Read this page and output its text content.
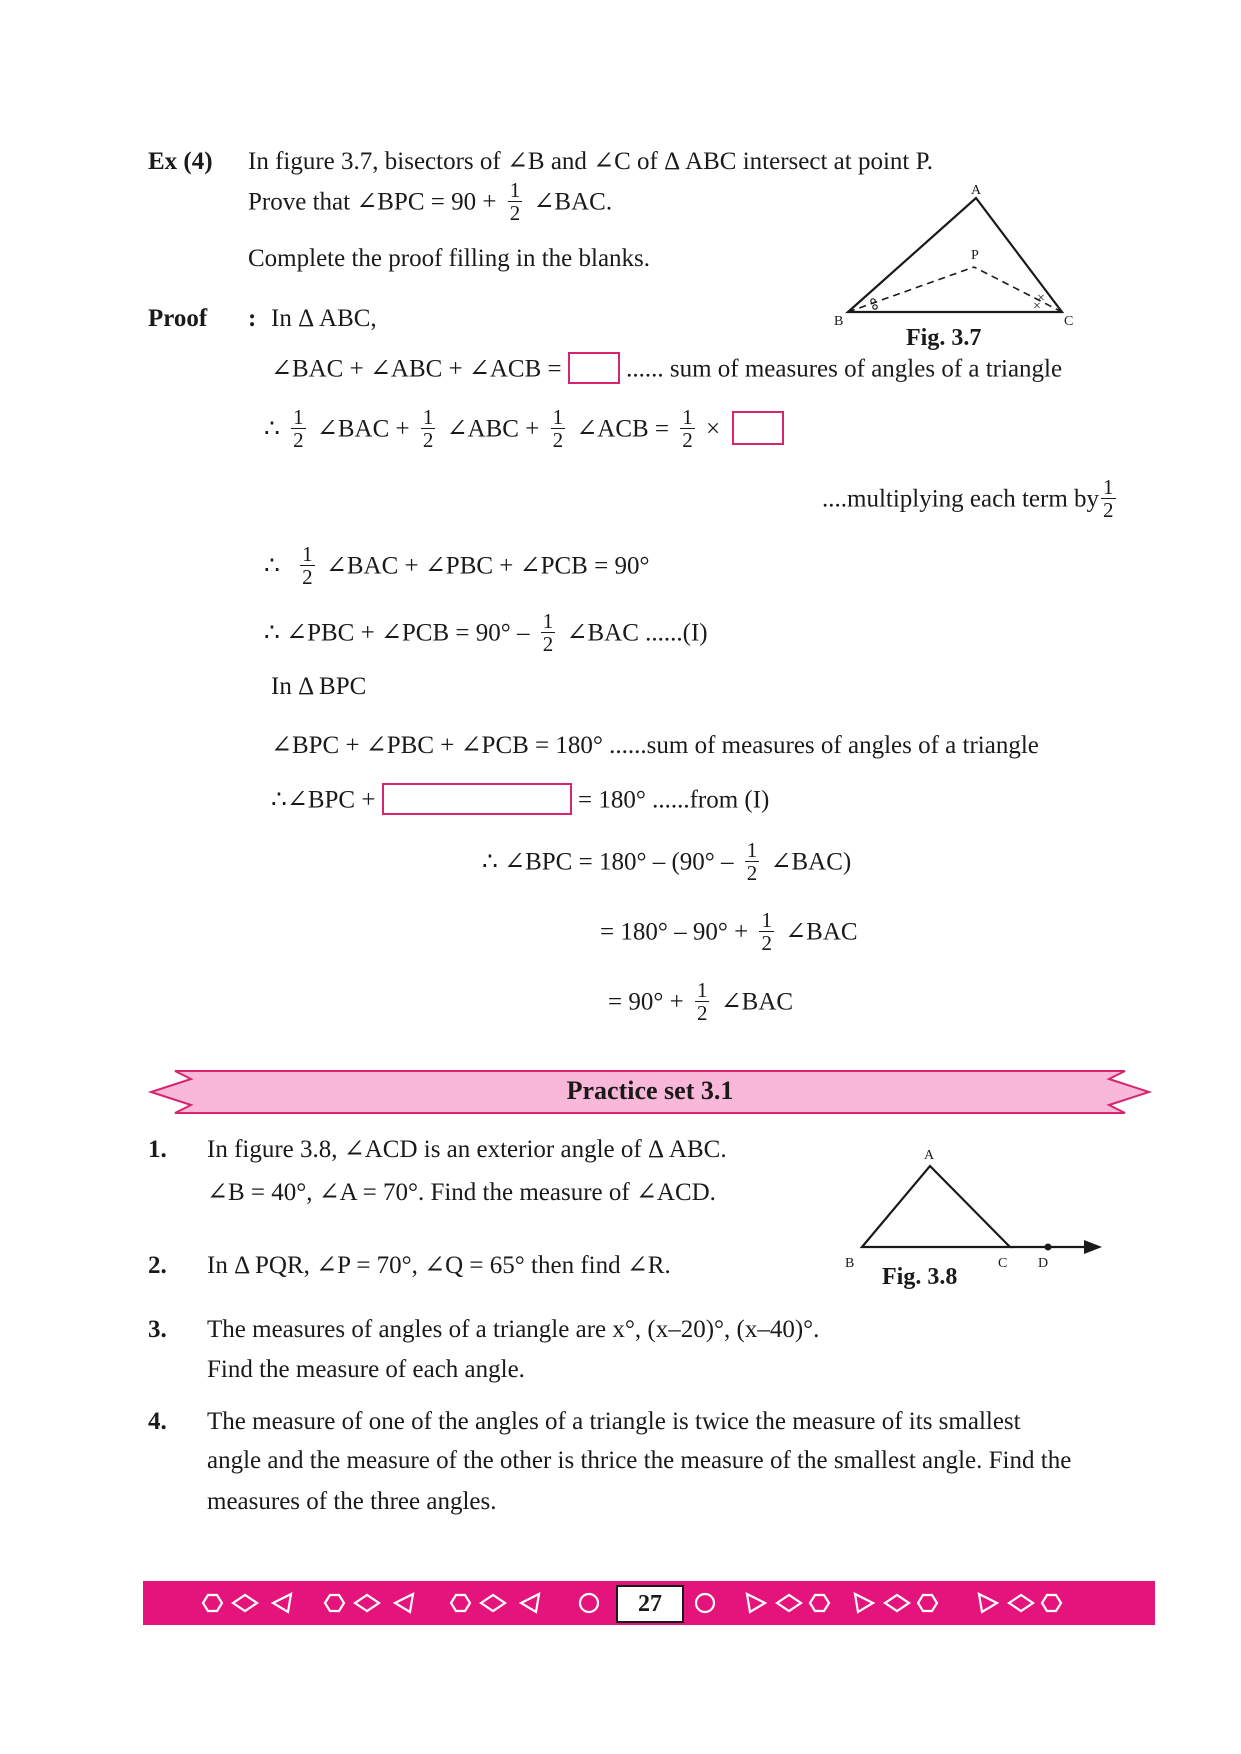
Ex (4) In figure 3.7, bisectors of ∠B and ∠C of Δ ABC intersect at point P.
Prove that ∠BPC = $90 + \frac{1}{2}$ ∠BAC.
Complete the proof filling in the blanks.
×
×
A
B	C
P
Fig. 3.7
Proof : In Δ ABC,
∠BAC + ∠ABC + ∠ACB =	...... sum of measures of angles of a triangle
∴ $\frac{1}{2}$ ∠BAC + $\frac{1}{2}$ ∠ABC + $\frac{1}{2}$ ∠ACB = $\frac{1}{2}$ ×
....multiplying each term by $\frac{1}{2}$
∴ $\frac{1}{2}$ ∠BAC + ∠PBC + ∠PCB = 90°
∴ ∠PBC + ∠PCB = $90^\circ - \frac{1}{2}$ ∠BAC ......(I)
In Δ BPC
∠BPC + ∠PBC + ∠PCB = 180° ......sum of measures of angles of a triangle
∴∠BPC +	= 180° ......from (I)
∴ ∠BPC = $180^\circ - (90^\circ - \frac{1}{2}$ ∠BAC)
= $180^\circ - 90^\circ + \frac{1}{2}$ ∠BAC
= $90^\circ + \frac{1}{2}$ ∠BAC
Practice set 3.1
1. In figure 3.8, ∠ACD is an exterior angle of Δ ABC.
∠B = 40°, ∠A = 70°. Find the measure of ∠ACD.
A
B	C D
Fig. 3.8
2. In Δ PQR, ∠P = 70°, ∠Q = 65° then find ∠R.
3. The measures of angles of a triangle are x°, (x–20)°, (x–40)°.
Find the measure of each angle.
4. The measure of one of the angles of a triangle is twice the measure of its smallest
angle and the measure of the other is thrice the measure of the smallest angle. Find the
measures of the three angles.
27
